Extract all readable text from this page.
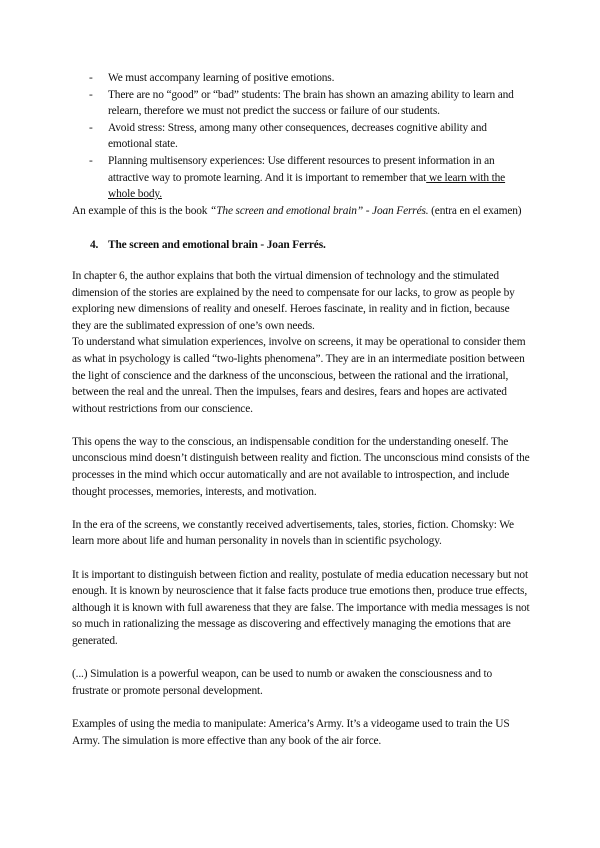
- We must accompany learning of positive emotions.
- There are no “good” or “bad” students: The brain has shown an amazing ability to learn and relearn, therefore we must not predict the success or failure of our students.
- Avoid stress: Stress, among many other consequences, decreases cognitive ability and emotional state.
- Planning multisensory experiences: Use different resources to present information in an attractive way to promote learning. And it is important to remember that we learn with the whole body.

An example of this is the book “The screen and emotional brain” - Joan Ferrés. (entra en el examen)

4. The screen and emotional brain - Joan Ferrés.

In chapter 6, the author explains that both the virtual dimension of technology and the stimulated dimension of the stories are explained by the need to compensate for our lacks, to grow as people by exploring new dimensions of reality and oneself. Heroes fascinate, in reality and in fiction, because they are the sublimated expression of one’s own needs.

To understand what simulation experiences, involve on screens, it may be operational to consider them as what in psychology is called “two-lights phenomena”. They are in an intermediate position between the light of conscience and the darkness of the unconscious, between the rational and the irrational, between the real and the unreal. Then the impulses, fears and desires, fears and hopes are activated without restrictions from our conscience.

This opens the way to the conscious, an indispensable condition for the understanding oneself. The unconscious mind doesn’t distinguish between reality and fiction. The unconscious mind consists of the processes in the mind which occur automatically and are not available to introspection, and include thought processes, memories, interests, and motivation.

In the era of the screens, we constantly received advertisements, tales, stories, fiction. Chomsky: We learn more about life and human personality in novels than in scientific psychology.

It is important to distinguish between fiction and reality, postulate of media education necessary but not enough. It is known by neuroscience that it false facts produce true emotions then, produce true effects, although it is known with full awareness that they are false. The importance with media messages is not so much in rationalizing the message as discovering and effectively managing the emotions that are generated.

(...) Simulation is a powerful weapon, can be used to numb or awaken the consciousness and to frustrate or promote personal development.

Examples of using the media to manipulate: America’s Army. It’s a videogame used to train the US Army. The simulation is more effective than any book of the air force.
